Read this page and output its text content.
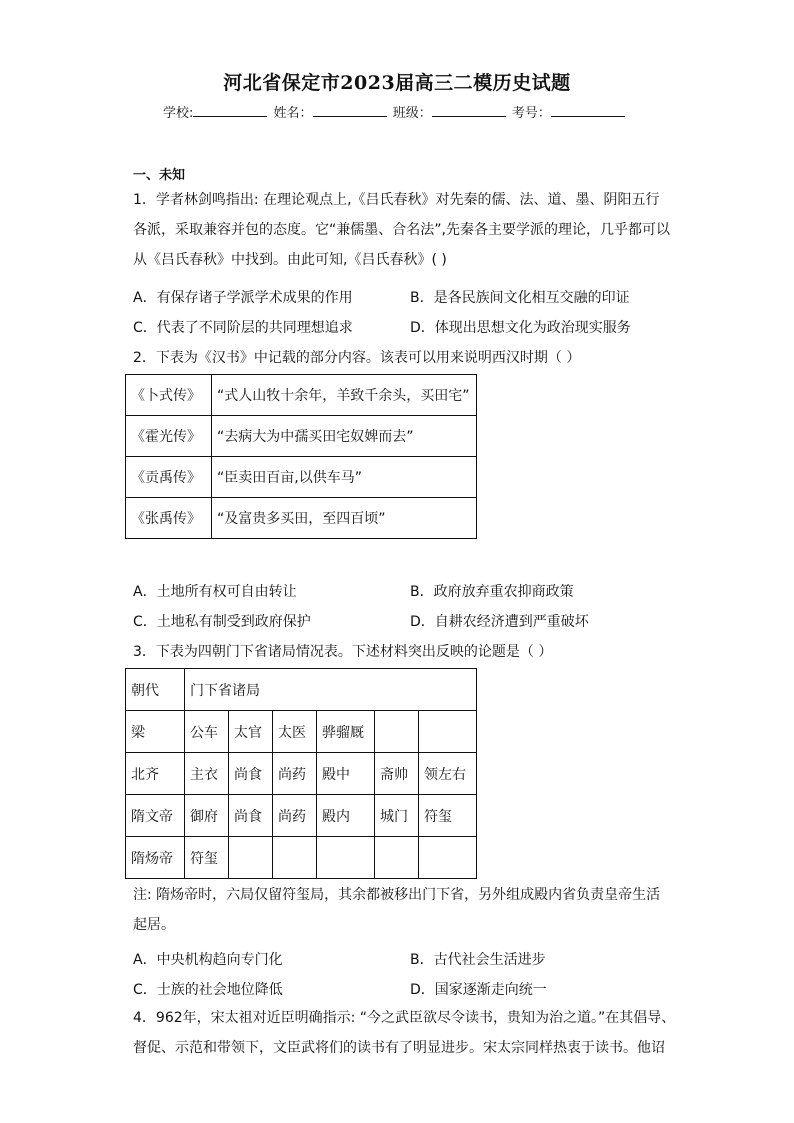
河北省保定市2023届高三二模历史试题
学校:	姓名：	班级：	考号：
一、未知
1．学者林剑鸣指出: 在理论观点上,《吕氏春秋》对先秦的儒、法、道、墨、阴阳五行
各派，采取兼容并包的态度。它“兼儒墨、合名法”,先秦各主要学派的理论，几乎都可以
从《吕氏春秋》中找到。由此可知,《吕氏春秋》( )
A．有保存诸子学派学术成果的作用	B．是各民族间文化相互交融的印证
C．代表了不同阶层的共同理想追求	D．体现出思想文化为政治现实服务
2．下表为《汉书》中记载的部分内容。该表可以用来说明西汉时期（ ）
《卜式传》	“式人山牧十余年，羊致千余头，买田宅”
《霍光传》	“去病大为中孺买田宅奴婢而去”
《贡禹传》	“臣卖田百亩,以供车马”
《张禹传》	“及富贵多买田，至四百顷”
A．土地所有权可自由转让	B．政府放弃重农抑商政策
C．土地私有制受到政府保护	D．自耕农经济遭到严重破坏
3．下表为四朝门下省诸局情况表。下述材料突出反映的论题是（ ）
朝代	门下省诸局					
梁	公车	太官	太医	骅骝厩		
北齐	主衣	尚食	尚药	殿中	斋帅	领左右
隋文帝	御府	尚食	尚药	殿内	城门	符玺
隋炀帝	符玺					
注: 隋炀帝时，六局仅留符玺局，其余都被移出门下省，另外组成殿内省负责皇帝生活
起居。
A．中央机构趋向专门化	B．古代社会生活进步
C．士族的社会地位降低	D．国家逐渐走向统一
4．962年，宋太祖对近臣明确指示: “今之武臣欲尽令读书，贵知为治之道。”在其倡导、
督促、示范和带领下，文臣武将们的读书有了明显进步。宋太宗同样热衷于读书。他诏
